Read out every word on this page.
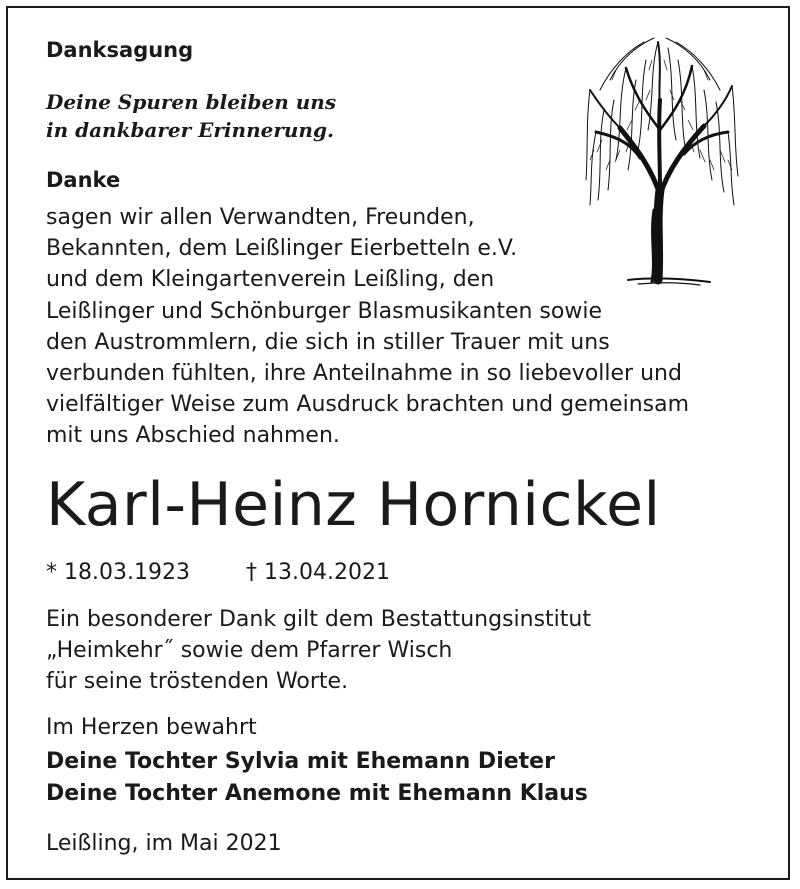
Danksagung
Deine Spuren bleiben uns
in dankbarer Erinnerung.
Danke
sagen wir allen Verwandten, Freunden,
Bekannten, dem Leißlinger Eierbetteln e.V.
und dem Kleingartenverein Leißling, den
Leißlinger und Schönburger Blasmusikanten sowie
den Austrommlern, die sich in stiller Trauer mit uns
verbunden fühlten, ihre Anteilnahme in so liebevoller und
vielfältiger Weise zum Ausdruck brachten und gemeinsam
mit uns Abschied nahmen.
Karl-Heinz Hornickel
* 18.03.1923	† 13.04.2021
Ein besonderer Dank gilt dem Bestattungsinstitut
„Heimkehr˝ sowie dem Pfarrer Wisch
für seine tröstenden Worte.
Im Herzen bewahrt
Deine Tochter Sylvia mit Ehemann Dieter
Deine Tochter Anemone mit Ehemann Klaus
Leißling, im Mai 2021
